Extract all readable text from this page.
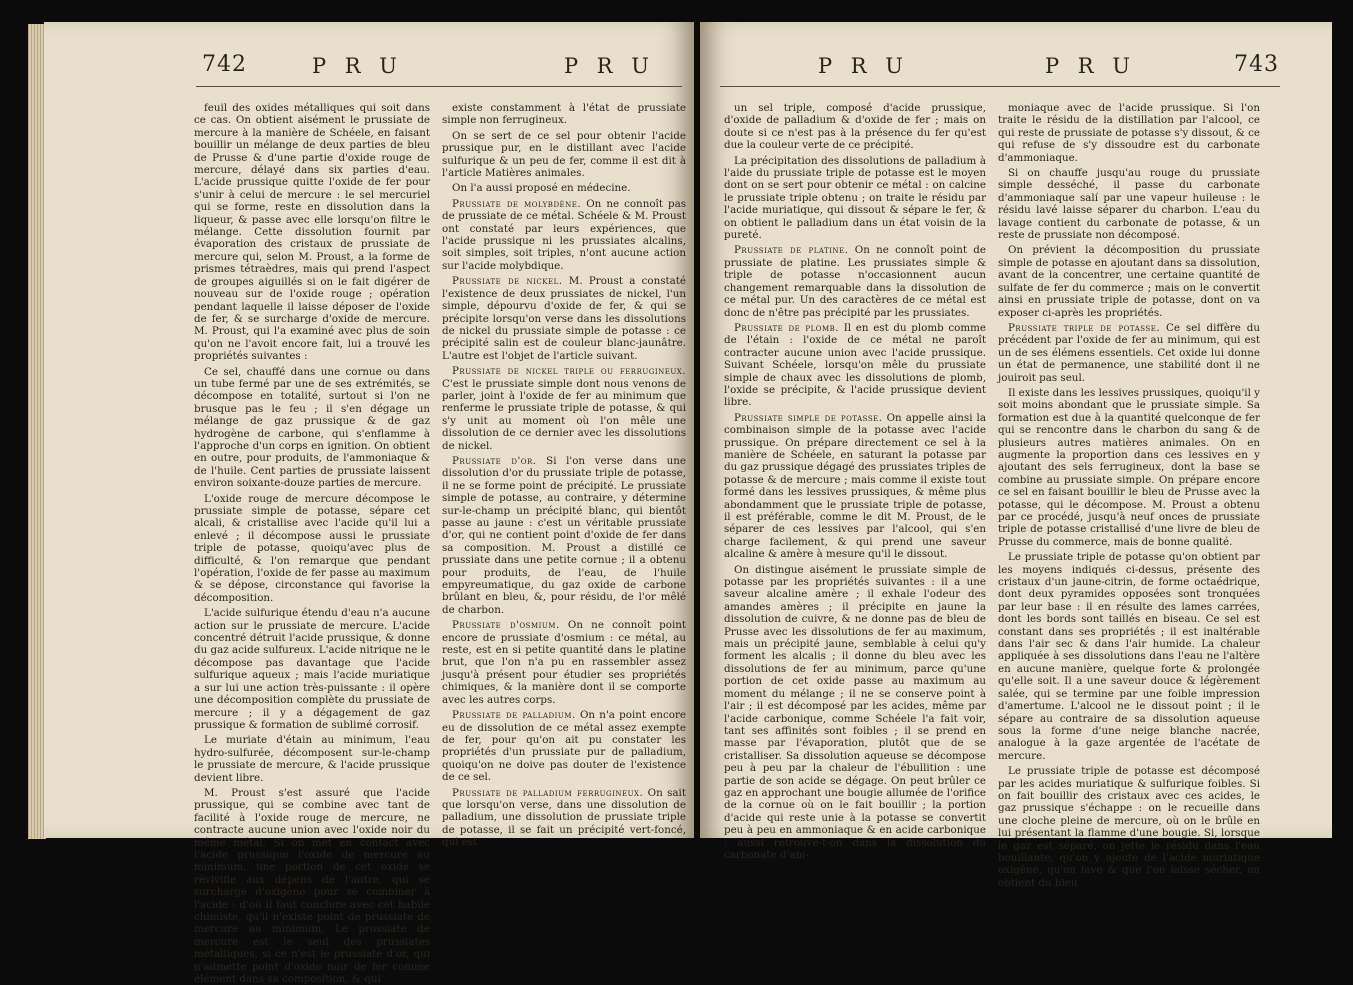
742	P R U	P R U

feuil des oxides métalliques qui soit dans ce cas. On obtient aisément le prussiate de mercure à la manière de Schéele, en faisant bouillir un mélange de deux parties de bleu de Prusse & d'une partie d'oxide rouge de mercure, délayé dans six parties d'eau. L'acide prussique quitte l'oxide de fer pour s'unir à celui de mercure : le sel mercuriel qui se forme, reste en dissolution dans la liqueur, & passe avec elle lorsqu'on filtre le mélange. Cette dissolution fournit par évaporation des cristaux de prussiate de mercure qui, selon M. Proust, a la forme de prismes tétraèdres, mais qui prend l'aspect de groupes aiguillés si on le fait digérer de nouveau sur de l'oxide rouge ; opération pendant laquelle il laisse déposer de l'oxide de fer, & se surcharge d'oxide de mercure. M. Proust, qui l'a examiné avec plus de soin qu'on ne l'avoit encore fait, lui a trouvé les propriétés suivantes :

Ce sel, chauffé dans une cornue ou dans un tube fermé par une de ses extrémités, se décompose en totalité, surtout si l'on ne brusque pas le feu ; il s'en dégage un mélange de gaz prussique & de gaz hydrogène de carbone, qui s'enflamme à l'approche d'un corps en ignition. On obtient en outre, pour produits, de l'ammoniaque & de l'huile. Cent parties de prussiate laissent environ soixante-douze parties de mercure.

L'oxide rouge de mercure décompose le prussiate simple de potasse, sépare cet alcali, & cristallise avec l'acide qu'il lui a enlevé ; il décompose aussi le prussiate triple de potasse, quoiqu'avec plus de difficulté, & l'on remarque que pendant l'opération, l'oxide de fer passe au maximum & se dépose, circonstance qui favorise la décomposition.

L'acide sulfurique étendu d'eau n'a aucune action sur le prussiate de mercure. L'acide concentré détruit l'acide prussique, & donne du gaz acide sulfureux. L'acide nitrique ne le décompose pas davantage que l'acide sulfurique aqueux ; mais l'acide muriatique a sur lui une action très-puissante : il opère une décomposition complète du prussiate de mercure ; il y a dégagement de gaz prussique & formation de sublimé corrosif.

Le muriate d'étain au minimum, l'eau hydro-sulfurée, décomposent sur-le-champ le prussiate de mercure, & l'acide prussique devient libre.

M. Proust s'est assuré que l'acide prussique, qui se combine avec tant de facilité à l'oxide rouge de mercure, ne contracte aucune union avec l'oxide noir du même métal. Si on met en contact avec l'acide prussique l'oxide de mercure au minimum, une portion de cet oxide se révivifie aux dépens de l'autre, qui se surcharge d'oxigène pour se combiner à l'acide : d'où il faut conclure avec cet habile chimiste, qu'il n'existe point de prussiate de mercure au minimum. Le prussiate de mercure est le seul des prussiates métalliques, si ce n'est le prussiate d'or, qui n'admette point d'oxide noir de fer comme élément dans sa composition, & qui

existe constamment à l'état de prussiate simple non ferrugineux.

On se sert de ce sel pour obtenir l'acide prussique pur, en le distillant avec l'acide sulfurique & un peu de fer, comme il est dit à l'article Matières animales.

On l'a aussi proposé en médecine.

Prussiate de molybdène. On ne connoît pas de prussiate de ce métal. Schéele & M. Proust ont constaté par leurs expériences, que l'acide prussique ni les prussiates alcalins, soit simples, soit triples, n'ont aucune action sur l'acide molybdique.

Prussiate de nickel. M. Proust a constaté l'existence de deux prussiates de nickel, l'un simple, dépourvu d'oxide de fer, & qui se précipite lorsqu'on verse dans les dissolutions de nickel du prussiate simple de potasse : ce précipité salin est de couleur blanc-jaunâtre. L'autre est l'objet de l'article suivant.

Prussiate de nickel triple ou ferrugineux. C'est le prussiate simple dont nous venons de parler, joint à l'oxide de fer au minimum que renferme le prussiate triple de potasse, & qui s'y unit au moment où l'on mêle une dissolution de ce dernier avec les dissolutions de nickel.

Prussiate d'or. Si l'on verse dans une dissolution d'or du prussiate triple de potasse, il ne se forme point de précipité. Le prussiate simple de potasse, au contraire, y détermine sur-le-champ un précipité blanc, qui bientôt passe au jaune : c'est un véritable prussiate d'or, qui ne contient point d'oxide de fer dans sa composition. M. Proust a distillé ce prussiate dans une petite cornue ; il a obtenu pour produits, de l'eau, de l'huile empyreumatique, du gaz oxide de carbone brûlant en bleu, &, pour résidu, de l'or mêlé de charbon.

Prussiate d'osmium. On ne connoît point encore de prussiate d'osmium : ce métal, au reste, est en si petite quantité dans le platine brut, que l'on n'a pu en rassembler assez jusqu'à présent pour étudier ses propriétés chimiques, & la manière dont il se comporte avec les autres corps.

Prussiate de palladium. On n'a point encore eu de dissolution de ce métal assez exempte de fer, pour qu'on ait pu constater les propriétés d'un prussiate pur de palladium, quoiqu'on ne doive pas douter de l'existence de ce sel.

Prussiate de palladium ferrugineux. On sait que lorsqu'on verse, dans une dissolution de palladium, une dissolution de prussiate triple de potasse, il se fait un précipité vert-foncé, qui est

P R U	P R U	743

un sel triple, composé d'acide prussique, d'oxide de palladium & d'oxide de fer ; mais on doute si ce n'est pas à la présence du fer qu'est due la couleur verte de ce précipité.

La précipitation des dissolutions de palladium à l'aide du prussiate triple de potasse est le moyen dont on se sert pour obtenir ce métal : on calcine le prussiate triple obtenu ; on traite le résidu par l'acide muriatique, qui dissout & sépare le fer, & on obtient le palladium dans un état voisin de la pureté.

Prussiate de platine. On ne connoît point de prussiate de platine. Les prussiates simple & triple de potasse n'occasionnent aucun changement remarquable dans la dissolution de ce métal pur. Un des caractères de ce métal est donc de n'être pas précipité par les prussiates.

Prussiate de plomb. Il en est du plomb comme de l'étain : l'oxide de ce métal ne paroît contracter aucune union avec l'acide prussique. Suivant Schéele, lorsqu'on mêle du prussiate simple de chaux avec les dissolutions de plomb, l'oxide se précipite, & l'acide prussique devient libre.

Prussiate simple de potasse. On appelle ainsi la combinaison simple de la potasse avec l'acide prussique. On prépare directement ce sel à la manière de Schéele, en saturant la potasse par du gaz prussique dégagé des prussiates triples de potasse & de mercure ; mais comme il existe tout formé dans les lessives prussiques, & même plus abondamment que le prussiate triple de potasse, il est préférable, comme le dit M. Proust, de le séparer de ces lessives par l'alcool, qui s'en charge facilement, & qui prend une saveur alcaline & amère à mesure qu'il le dissout.

On distingue aisément le prussiate simple de potasse par les propriétés suivantes : il a une saveur alcaline amère ; il exhale l'odeur des amandes amères ; il précipite en jaune la dissolution de cuivre, & ne donne pas de bleu de Prusse avec les dissolutions de fer au maximum, mais un précipité jaune, semblable à celui qu'y forment les alcalis ; il donne du bleu avec les dissolutions de fer au minimum, parce qu'une portion de cet oxide passe au maximum au moment du mélange ; il ne se conserve point à l'air ; il est décomposé par les acides, même par l'acide carbonique, comme Schéele l'a fait voir, tant ses affinités sont foibles ; il se prend en masse par l'évaporation, plutôt que de se cristalliser. Sa dissolution aqueuse se décompose peu à peu par la chaleur de l'ébullition : une partie de son acide se dégage. On peut brûler ce gaz en approchant une bougie allumée de l'orifice de la cornue où on le fait bouillir ; la portion d'acide qui reste unie à la potasse se convertit peu à peu en ammoniaque & en acide carbonique : aussi retrouve-t-on dans la dissolution du carbonate d'am-

moniaque avec de l'acide prussique. Si l'on traite le résidu de la distillation par l'alcool, ce qui reste de prussiate de potasse s'y dissout, & ce qui refuse de s'y dissoudre est du carbonate d'ammoniaque.

Si on chauffe jusqu'au rouge du prussiate simple desséché, il passe du carbonate d'ammoniaque salí par une vapeur huileuse : le résidu lavé laisse séparer du charbon. L'eau du lavage contient du carbonate de potasse, & un reste de prussiate non décomposé.

On prévient la décomposition du prussiate simple de potasse en ajoutant dans sa dissolution, avant de la concentrer, une certaine quantité de sulfate de fer du commerce ; mais on le convertit ainsi en prussiate triple de potasse, dont on va exposer ci-après les propriétés.

Prussiate triple de potasse. Ce sel diffère du précédent par l'oxide de fer au minimum, qui est un de ses élémens essentiels. Cet oxide lui donne un état de permanence, une stabilité dont il ne jouiroit pas seul.

Il existe dans les lessives prussiques, quoiqu'il y soit moins abondant que le prussiate simple. Sa formation est due à la quantité quelconque de fer qui se rencontre dans le charbon du sang & de plusieurs autres matières animales. On en augmente la proportion dans ces lessives en y ajoutant des sels ferrugineux, dont la base se combine au prussiate simple. On prépare encore ce sel en faisant bouillir le bleu de Prusse avec la potasse, qui le décompose. M. Proust a obtenu par ce procédé, jusqu'à neuf onces de prussiate triple de potasse cristallisé d'une livre de bleu de Prusse du commerce, mais de bonne qualité.

Le prussiate triple de potasse qu'on obtient par les moyens indiqués ci-dessus, présente des cristaux d'un jaune-citrin, de forme octaédrique, dont deux pyramides opposées sont tronquées par leur base : il en résulte des lames carrées, dont les bords sont taillés en biseau. Ce sel est constant dans ses propriétés ; il est inaltérable dans l'air sec & dans l'air humide. La chaleur appliquée à ses dissolutions dans l'eau ne l'altère en aucune manière, quelque forte & prolongée qu'elle soit. Il a une saveur douce & légèrement salée, qui se termine par une foible impression d'amertume. L'alcool ne le dissout point ; il le sépare au contraire de sa dissolution aqueuse sous la forme d'une neige blanche nacrée, analogue à la gaze argentée de l'acétate de mercure.

Le prussiate triple de potasse est décomposé par les acides muriatique & sulfurique foibles. Si on fait bouillir des cristaux avec ces acides, le gaz prussique s'échappe : on le recueille dans une cloche pleine de mercure, où on le brûle en lui présentant la flamme d'une bougie. Si, lorsque le gaz est séparé, on jette le résidu dans l'eau bouillante, qu'on y ajoute de l'acide muriatique oxigéné, qu'on lave & que l'on laisse sécher, on obtient du bleu
